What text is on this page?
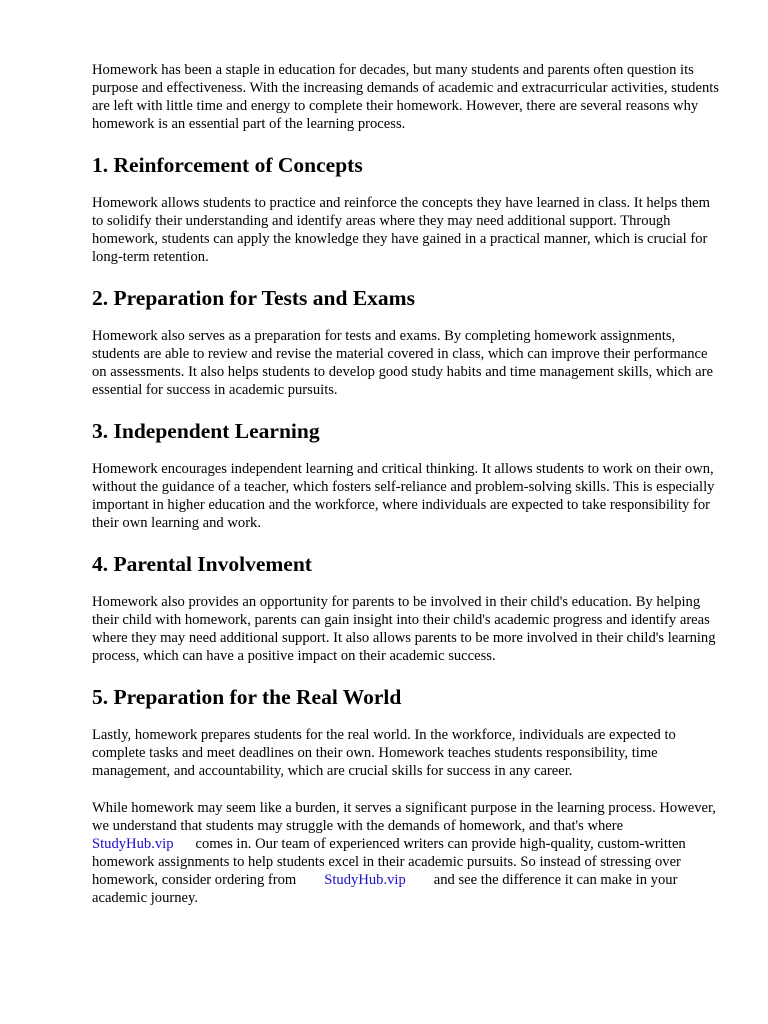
Homework has been a staple in education for decades, but many students and parents often question its purpose and effectiveness. With the increasing demands of academic and extracurricular activities, students are left with little time and energy to complete their homework. However, there are several reasons why homework is an essential part of the learning process.

1. Reinforcement of Concepts

Homework allows students to practice and reinforce the concepts they have learned in class. It helps them to solidify their understanding and identify areas where they may need additional support. Through homework, students can apply the knowledge they have gained in a practical manner, which is crucial for long-term retention.

2. Preparation for Tests and Exams

Homework also serves as a preparation for tests and exams. By completing homework assignments, students are able to review and revise the material covered in class, which can improve their performance on assessments. It also helps students to develop good study habits and time management skills, which are essential for success in academic pursuits.

3. Independent Learning

Homework encourages independent learning and critical thinking. It allows students to work on their own, without the guidance of a teacher, which fosters self-reliance and problem-solving skills. This is especially important in higher education and the workforce, where individuals are expected to take responsibility for their own learning and work.

4. Parental Involvement

Homework also provides an opportunity for parents to be involved in their child's education. By helping their child with homework, parents can gain insight into their child's academic progress and identify areas where they may need additional support. It also allows parents to be more involved in their child's learning process, which can have a positive impact on their academic success.

5. Preparation for the Real World

Lastly, homework prepares students for the real world. In the workforce, individuals are expected to complete tasks and meet deadlines on their own. Homework teaches students responsibility, time management, and accountability, which are crucial skills for success in any career.

While homework may seem like a burden, it serves a significant purpose in the learning process. However, we understand that students may struggle with the demands of homework, and that's whereStudyHub.vip comes in. Our team of experienced writers can provide high-quality, custom-written homework assignments to help students excel in their academic pursuits. So instead of stressing over homework, consider ordering from StudyHub.vip and see the difference it can make in your academic journey.
